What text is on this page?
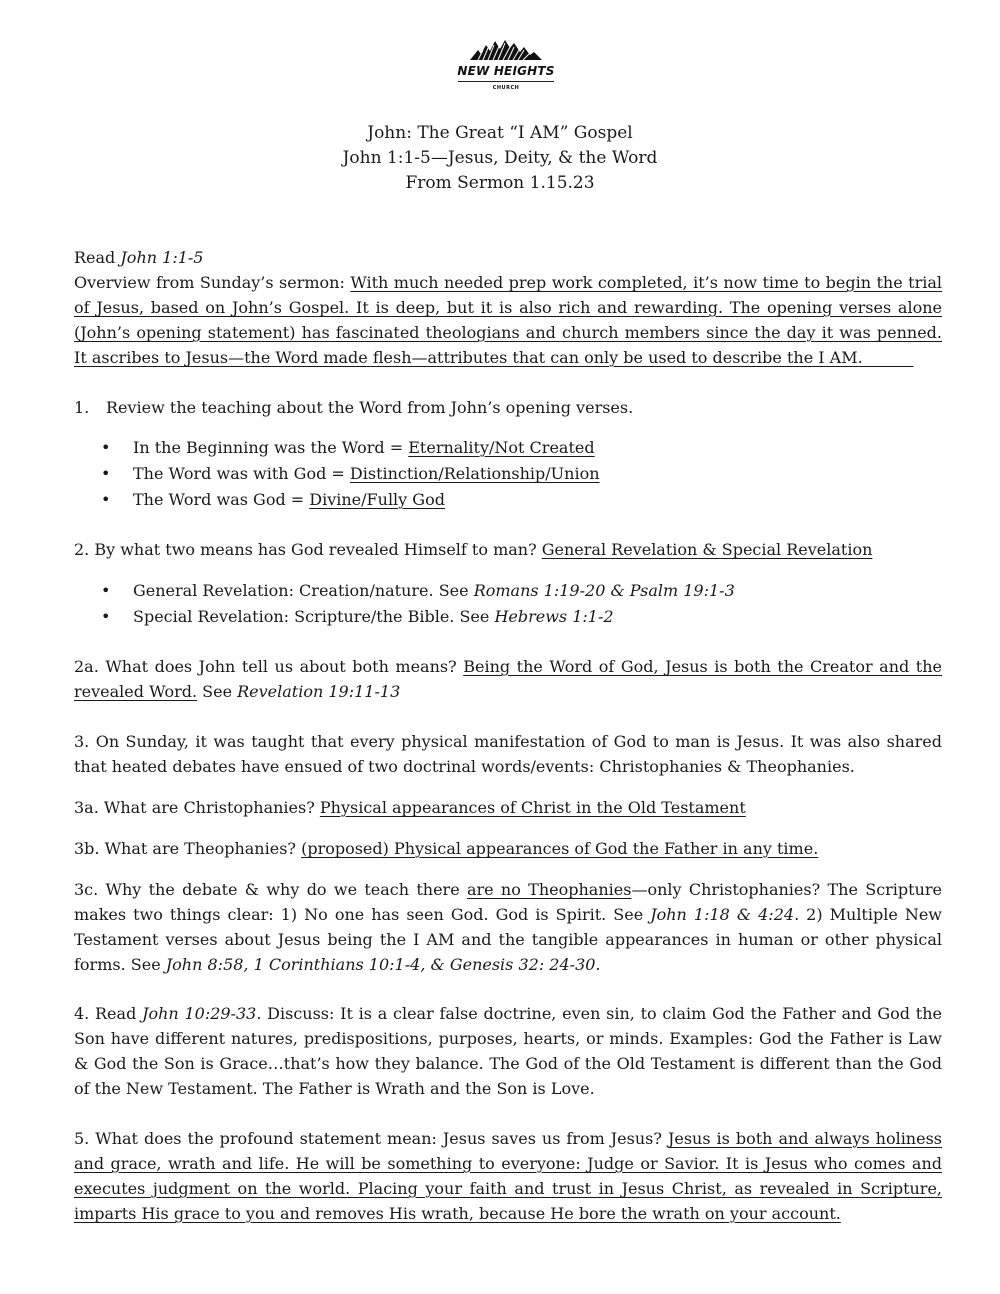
NEW HEIGHTS
CHURCH
John: The Great “I AM” Gospel
John 1:1-5—Jesus, Deity, & the Word
From Sermon 1.15.23

Read John 1:1-5

Overview from Sunday’s sermon: With much needed prep work completed, it’s now time to begin the trial of Jesus, based on John’s Gospel. It is deep, but it is also rich and rewarding. The opening verses alone (John’s opening statement) has fascinated theologians and church members since the day it was penned. It ascribes to Jesus—the Word made flesh—attributes that can only be used to describe the I AM.

1. Review the teaching about the Word from John’s opening verses.

• In the Beginning was the Word = Eternality/Not Created
• The Word was with God = Distinction/Relationship/Union
• The Word was God = Divine/Fully God

2. By what two means has God revealed Himself to man? General Revelation & Special Revelation

• General Revelation: Creation/nature. See Romans 1:19-20 & Psalm 19:1-3
• Special Revelation: Scripture/the Bible. See Hebrews 1:1-2

2a. What does John tell us about both means? Being the Word of God, Jesus is both the Creator and the revealed Word. See Revelation 19:11-13

3. On Sunday, it was taught that every physical manifestation of God to man is Jesus. It was also shared that heated debates have ensued of two doctrinal words/events: Christophanies & Theophanies.

3a. What are Christophanies? Physical appearances of Christ in the Old Testament

3b. What are Theophanies? (proposed) Physical appearances of God the Father in any time.

3c. Why the debate & why do we teach there are no Theophanies—only Christophanies? The Scripture makes two things clear: 1) No one has seen God. God is Spirit. See John 1:18 & 4:24. 2) Multiple New Testament verses about Jesus being the I AM and the tangible appearances in human or other physical forms. See John 8:58, 1 Corinthians 10:1-4, & Genesis 32: 24-30.

4. Read John 10:29-33. Discuss: It is a clear false doctrine, even sin, to claim God the Father and God the Son have different natures, predispositions, purposes, hearts, or minds. Examples: God the Father is Law & God the Son is Grace…that’s how they balance. The God of the Old Testament is different than the God of the New Testament. The Father is Wrath and the Son is Love.

5. What does the profound statement mean: Jesus saves us from Jesus? Jesus is both and always holiness and grace, wrath and life. He will be something to everyone: Judge or Savior. It is Jesus who comes and executes judgment on the world. Placing your faith and trust in Jesus Christ, as revealed in Scripture, imparts His grace to you and removes His wrath, because He bore the wrath on your account.
